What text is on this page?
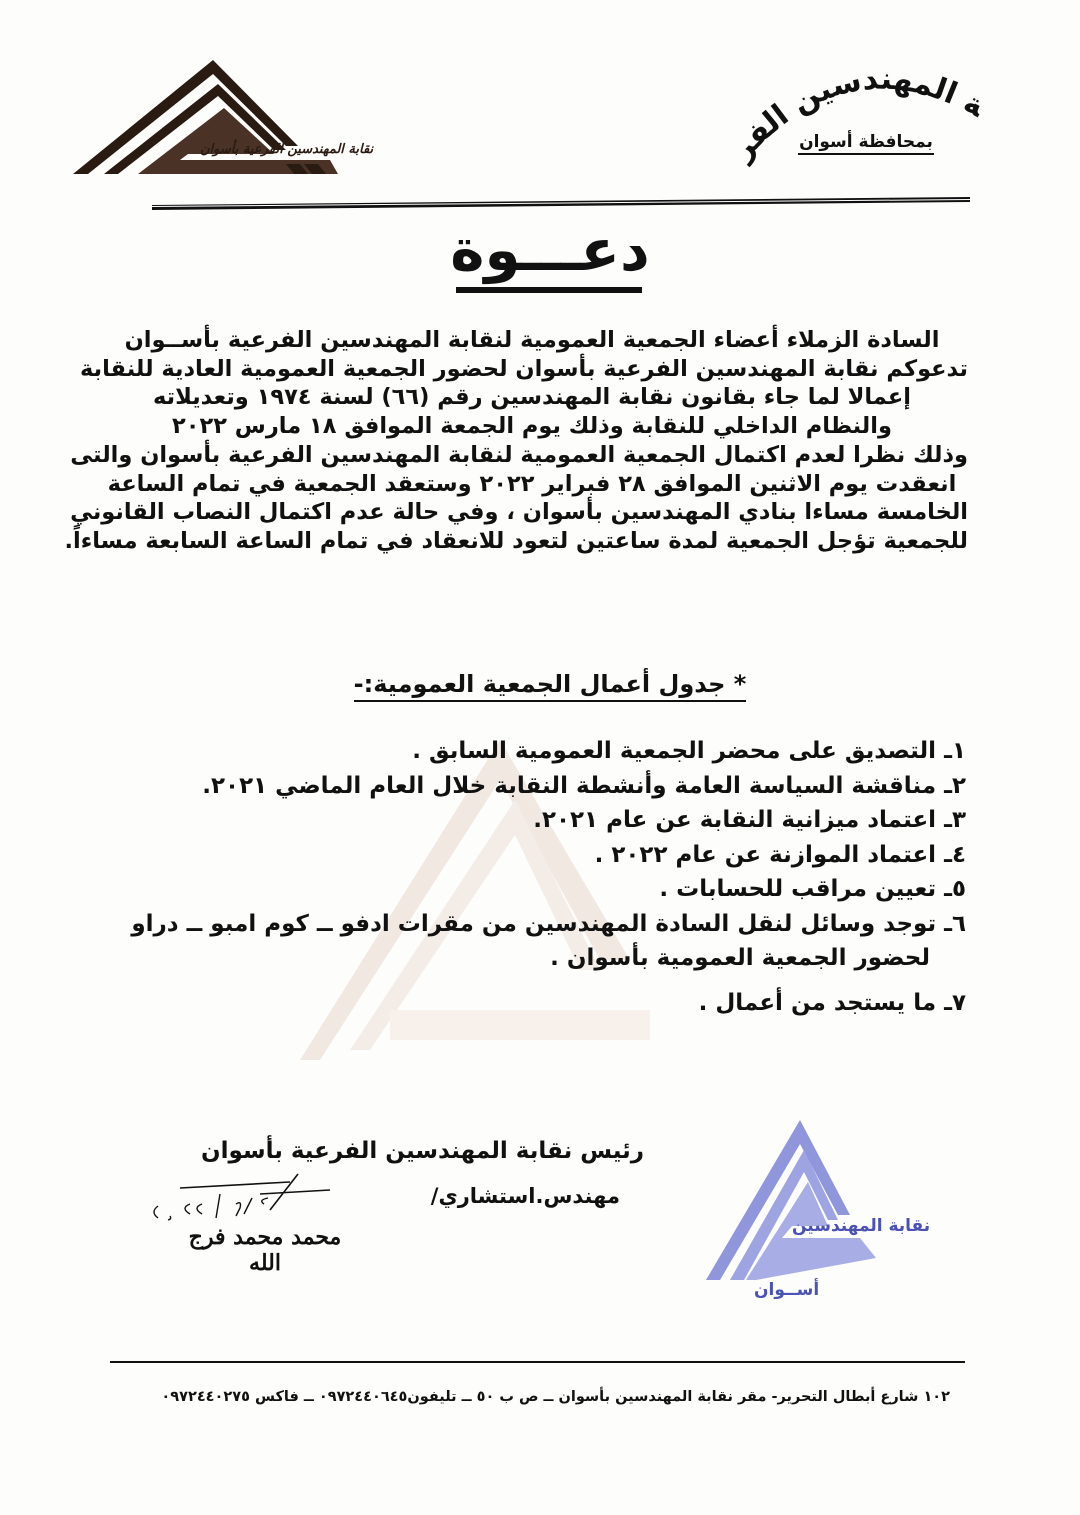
نقابة المهندسين الفرعية بأسوان
نقابة المهندسين الفرعية
بمحافظة أسوان
دعـــوة
السادة الزملاء أعضاء الجمعية العمومية لنقابة المهندسين الفرعية بأســوان
تدعوكم نقابة المهندسين الفرعية بأسوان لحضور الجمعية العمومية العادية للنقابة
إعمالا لما جاء بقانون نقابة المهندسين رقم (٦٦) لسنة ١٩٧٤ وتعديلاته
والنظام الداخلي للنقابة وذلك يوم الجمعة الموافق ١٨ مارس ٢٠٢٢
وذلك نظرا لعدم اكتمال الجمعية العمومية لنقابة المهندسين الفرعية بأسوان والتى
انعقدت يوم الاثنين الموافق ٢٨ فبراير ٢٠٢٢ وستعقد الجمعية في تمام الساعة
الخامسة مساءا بنادي المهندسين بأسوان ، وفي حالة عدم اكتمال النصاب القانوني
للجمعية تؤجل الجمعية لمدة ساعتين لتعود للانعقاد في تمام الساعة السابعة مساءاً.
* جدول أعمال الجمعية العمومية:-
١ـ التصديق على محضر الجمعية العمومية السابق .
٢ـ مناقشة السياسة العامة وأنشطة النقابة خلال العام الماضي ٢٠٢١.
٣ـ اعتماد ميزانية النقابة عن عام ٢٠٢١.
٤ـ اعتماد الموازنة عن عام ٢٠٢٢ .
٥ـ تعيين مراقب للحسابات .
٦ـ توجد وسائل لنقل السادة المهندسين من مقرات ادفو ــ كوم امبو ــ دراو
لحضور الجمعية العمومية بأسوان .
٧ـ ما يستجد من أعمال .
رئيس نقابة المهندسين الفرعية بأسوان
مهندس.استشاري/
محمد محمد فرج الله
نقابة المهندسين
أســوان
١٠٢ شارع أبطال التحرير- مقر نقابة المهندسين بأسوان ــ ص ب ٥٠ ــ تليفون٠٩٧٢٤٤٠٦٤٥ ــ فاكس ٠٩٧٢٤٤٠٢٧٥
